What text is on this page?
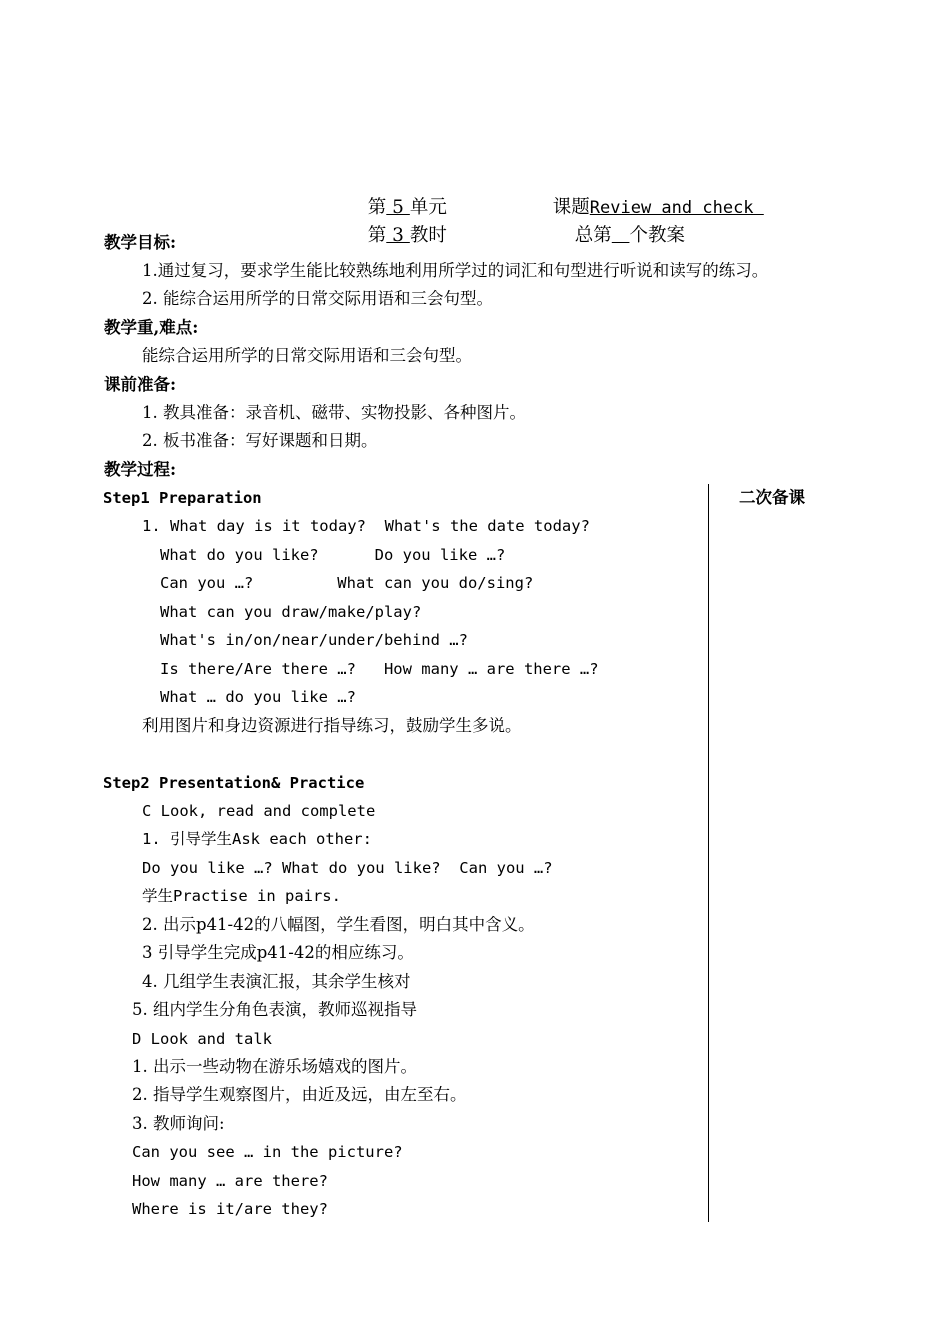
第 5 单元	课题Review and check

第 3 教时	总第 个教案

教学目标:
1.通过复习，要求学生能比较熟练地利用所学过的词汇和句型进行听说和读写的练习。
2. 能综合运用所学的日常交际用语和三会句型。
教学重,难点:
能综合运用所学的日常交际用语和三会句型。
课前准备:
1. 教具准备：录音机、磁带、实物投影、各种图片。
2. 板书准备：写好课题和日期。
教学过程:
二次备课
Step1 Preparation
1. What day is it today?  What's the date today?
What do you like?      Do you like …?
Can you …?         What can you do/sing?
What can you draw/make/play?
What's in/on/near/under/behind …?
Is there/Are there …?   How many … are there …?
What … do you like …?
利用图片和身边资源进行指导练习，鼓励学生多说。
Step2 Presentation& Practice
C Look, read and complete
1. 引导学生Ask each other:
Do you like …? What do you like?  Can you …?
学生Practise in pairs.
2. 出示p41-42的八幅图，学生看图，明白其中含义。
3 引导学生完成p41-42的相应练习。
4. 几组学生表演汇报，其余学生核对
5. 组内学生分角色表演，教师巡视指导
D Look and talk
1. 出示一些动物在游乐场嬉戏的图片。
2. 指导学生观察图片，由近及远，由左至右。
3. 教师询问:
Can you see … in the picture?
How many … are there?
Where is it/are they?
